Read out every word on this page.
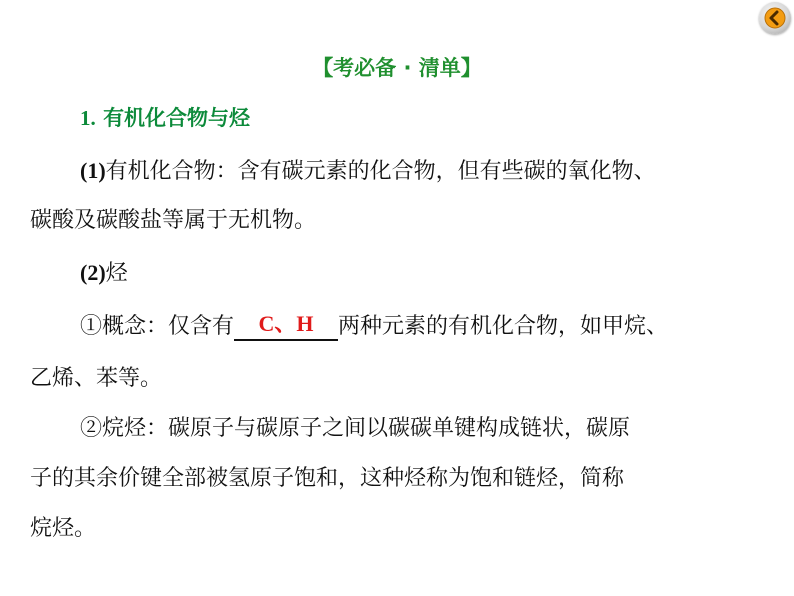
【考必备 · 清单】
1. 有机化合物与烃
(1)有机化合物：含有碳元素的化合物，但有些碳的氧化物、
碳酸及碳酸盐等属于无机物。
(2)烃
①概念：仅含有 C、H 两种元素的有机化合物，如甲烷、
乙烯、苯等。
②烷烃：碳原子与碳原子之间以碳碳单键构成链状，碳原
子的其余价键全部被氢原子饱和，这种烃称为饱和链烃，简称
烷烃。
